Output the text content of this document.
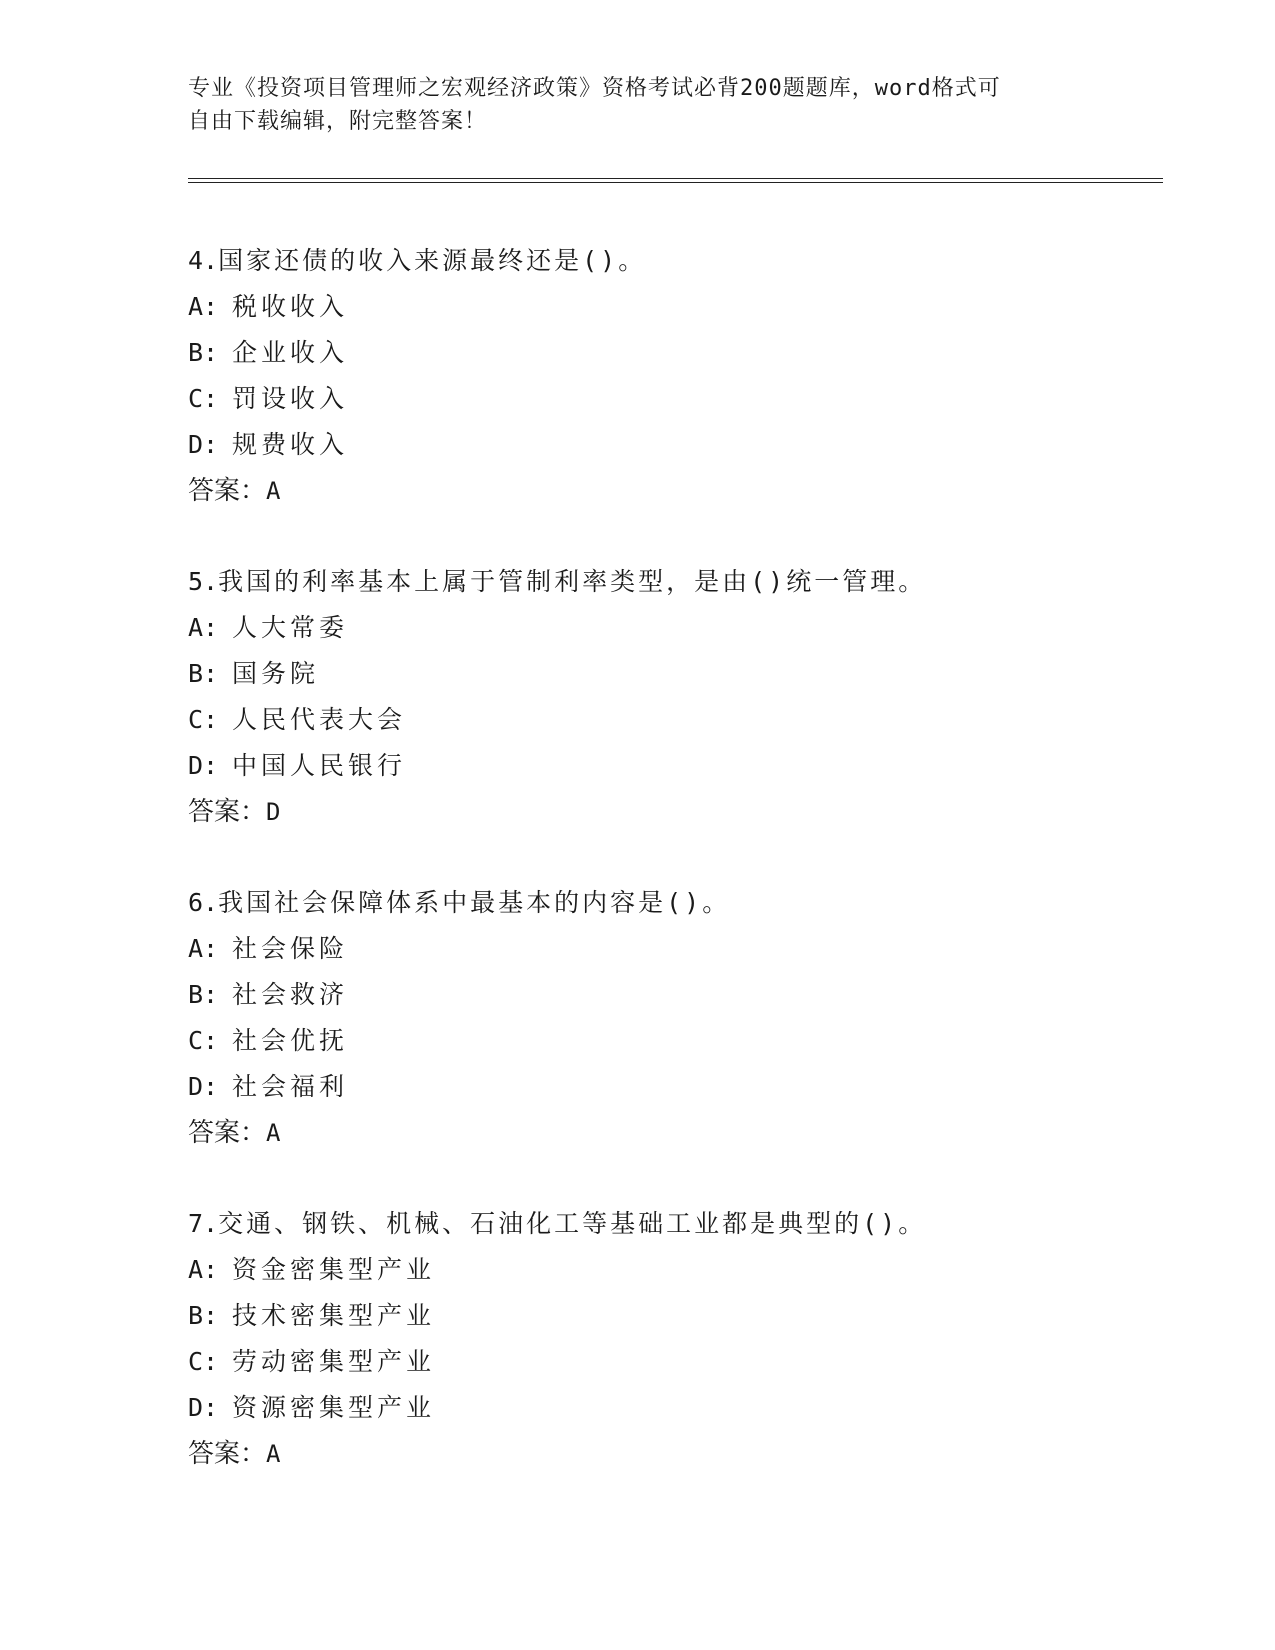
专业《投资项目管理师之宏观经济政策》资格考试必背200题题库，word格式可
自由下载编辑，附完整答案！
4.国家还债的收入来源最终还是()。
A: 税收收入
B: 企业收入
C: 罚设收入
D: 规费收入
答案：A
5.我国的利率基本上属于管制利率类型，是由()统一管理。
A: 人大常委
B: 国务院
C: 人民代表大会
D: 中国人民银行
答案：D
6.我国社会保障体系中最基本的内容是()。
A: 社会保险
B: 社会救济
C: 社会优抚
D: 社会福利
答案：A
7.交通、钢铁、机械、石油化工等基础工业都是典型的()。
A: 资金密集型产业
B: 技术密集型产业
C: 劳动密集型产业
D: 资源密集型产业
答案：A
